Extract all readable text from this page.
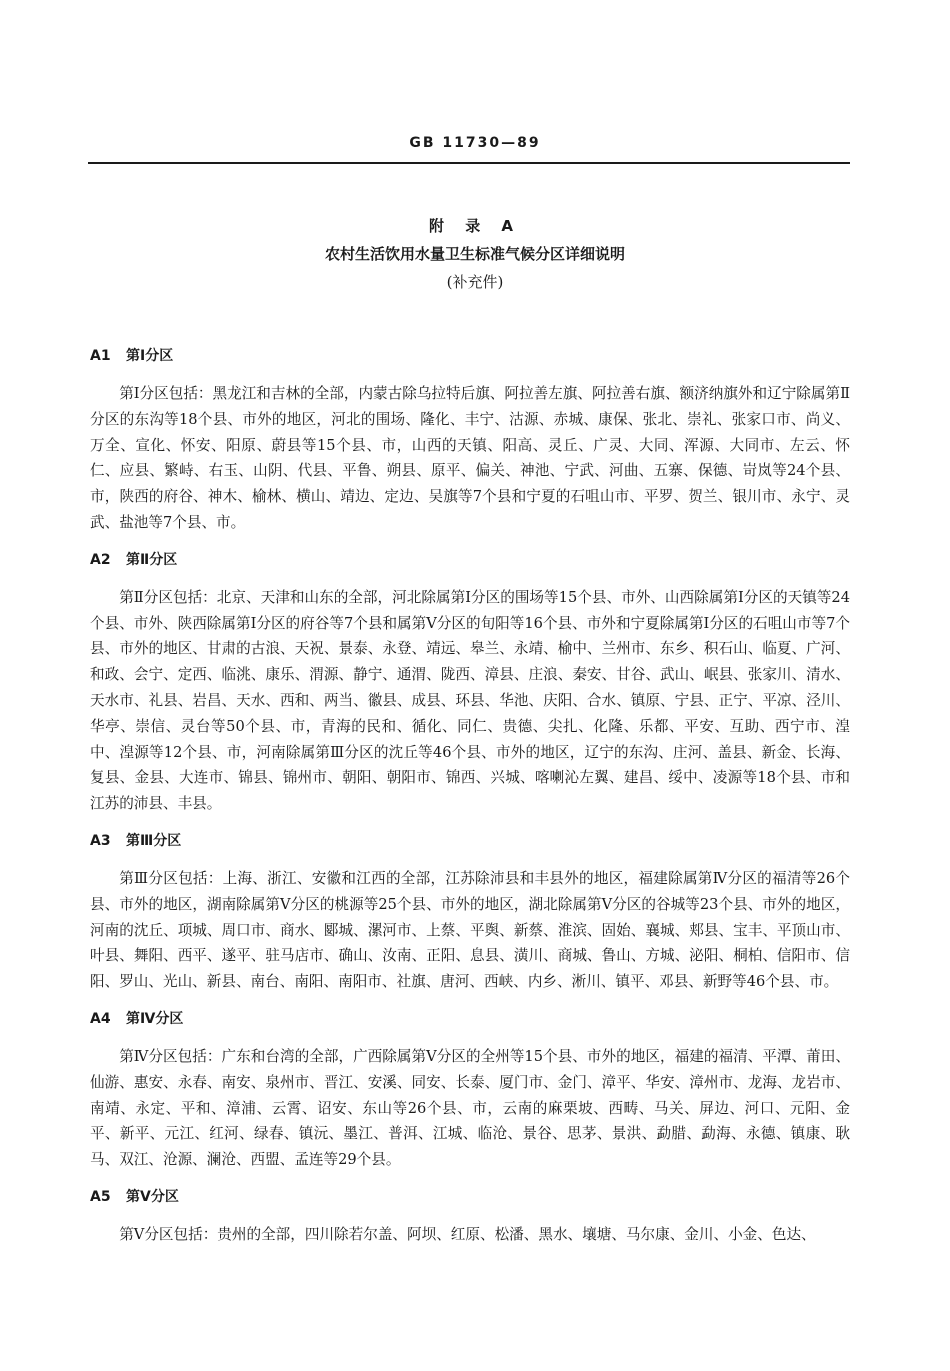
GB 11730—89
附 录 A
农村生活饮用水量卫生标准气候分区详细说明
(补充件)
A1 第Ⅰ分区

第Ⅰ分区包括：黑龙江和吉林的全部，内蒙古除乌拉特后旗、阿拉善左旗、阿拉善右旗、额济纳旗外和辽宁除属第Ⅱ分区的东沟等18个县、市外的地区，河北的围场、隆化、丰宁、沽源、赤城、康保、张北、崇礼、张家口市、尚义、万全、宣化、怀安、阳原、蔚县等15个县、市，山西的天镇、阳高、灵丘、广灵、大同、浑源、大同市、左云、怀仁、应县、繁峙、右玉、山阴、代县、平鲁、朔县、原平、偏关、神池、宁武、河曲、五寨、保德、岢岚等24个县、市，陕西的府谷、神木、榆林、横山、靖边、定边、吴旗等7个县和宁夏的石咀山市、平罗、贺兰、银川市、永宁、灵武、盐池等7个县、市。

A2 第Ⅱ分区

第Ⅱ分区包括：北京、天津和山东的全部，河北除属第Ⅰ分区的围场等15个县、市外、山西除属第Ⅰ分区的天镇等24个县、市外、陕西除属第Ⅰ分区的府谷等7个县和属第Ⅴ分区的旬阳等16个县、市外和宁夏除属第Ⅰ分区的石咀山市等7个县、市外的地区、甘肃的古浪、天祝、景泰、永登、靖远、皋兰、永靖、榆中、兰州市、东乡、积石山、临夏、广河、和政、会宁、定西、临洮、康乐、渭源、静宁、通渭、陇西、漳县、庄浪、秦安、甘谷、武山、岷县、张家川、清水、天水市、礼县、岩昌、天水、西和、两当、徽县、成县、环县、华池、庆阳、合水、镇原、宁县、正宁、平凉、泾川、华亭、崇信、灵台等50个县、市，青海的民和、循化、同仁、贵德、尖扎、化隆、乐都、平安、互助、西宁市、湟中、湟源等12个县、市，河南除属第Ⅲ分区的沈丘等46个县、市外的地区，辽宁的东沟、庄河、盖县、新金、长海、复县、金县、大连市、锦县、锦州市、朝阳、朝阳市、锦西、兴城、喀喇沁左翼、建昌、绥中、凌源等18个县、市和江苏的沛县、丰县。

A3 第Ⅲ分区

第Ⅲ分区包括：上海、浙江、安徽和江西的全部，江苏除沛县和丰县外的地区，福建除属第Ⅳ分区的福清等26个县、市外的地区，湖南除属第Ⅴ分区的桃源等25个县、市外的地区，湖北除属第Ⅴ分区的谷城等23个县、市外的地区，河南的沈丘、项城、周口市、商水、郾城、漯河市、上蔡、平舆、新蔡、淮滨、固始、襄城、郏县、宝丰、平顶山市、叶县、舞阳、西平、遂平、驻马店市、确山、汝南、正阳、息县、潢川、商城、鲁山、方城、泌阳、桐柏、信阳市、信阳、罗山、光山、新县、南台、南阳、南阳市、社旗、唐河、西峡、内乡、淅川、镇平、邓县、新野等46个县、市。

A4 第Ⅳ分区

第Ⅳ分区包括：广东和台湾的全部，广西除属第Ⅴ分区的全州等15个县、市外的地区，福建的福清、平潭、莆田、仙游、惠安、永春、南安、泉州市、晋江、安溪、同安、长泰、厦门市、金门、漳平、华安、漳州市、龙海、龙岩市、南靖、永定、平和、漳浦、云霄、诏安、东山等26个县、市，云南的麻栗坡、西畴、马关、屏边、河口、元阳、金平、新平、元江、红河、绿春、镇沅、墨江、普洱、江城、临沧、景谷、思茅、景洪、勐腊、勐海、永德、镇康、耿马、双江、沧源、澜沧、西盟、孟连等29个县。

A5 第Ⅴ分区

第Ⅴ分区包括：贵州的全部，四川除若尔盖、阿坝、红原、松潘、黑水、壤塘、马尔康、金川、小金、色达、
